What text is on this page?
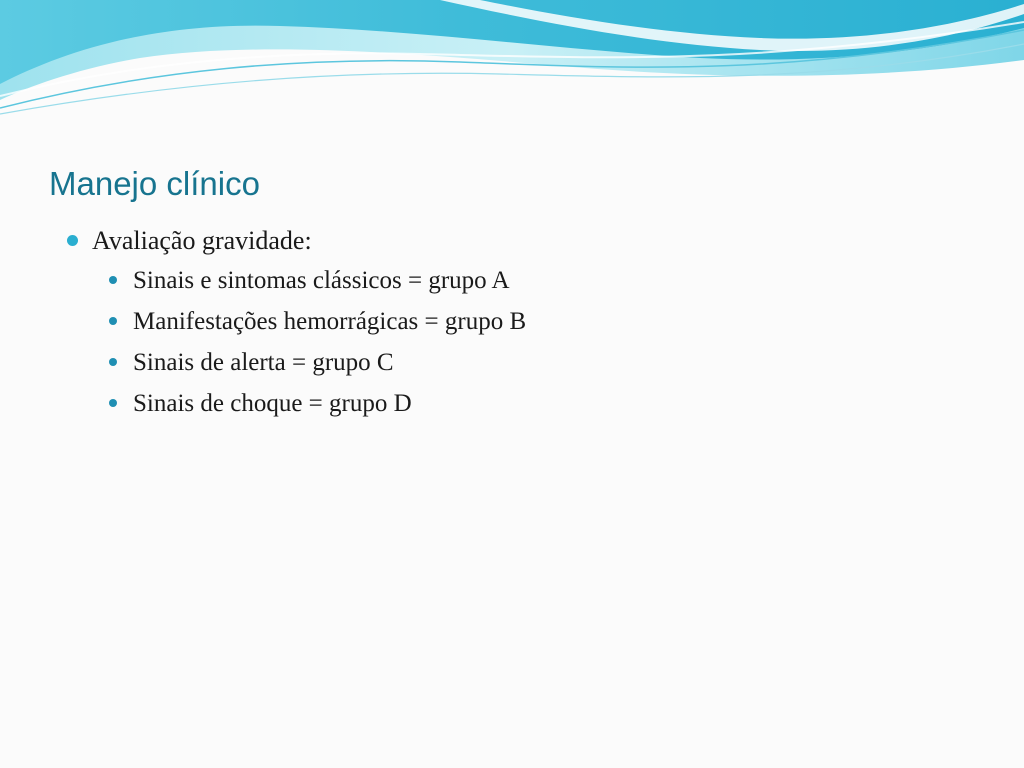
Manejo clínico
Avaliação gravidade:
Sinais e sintomas clássicos = grupo A
Manifestações hemorrágicas = grupo B
Sinais de alerta = grupo C
Sinais de choque = grupo D
